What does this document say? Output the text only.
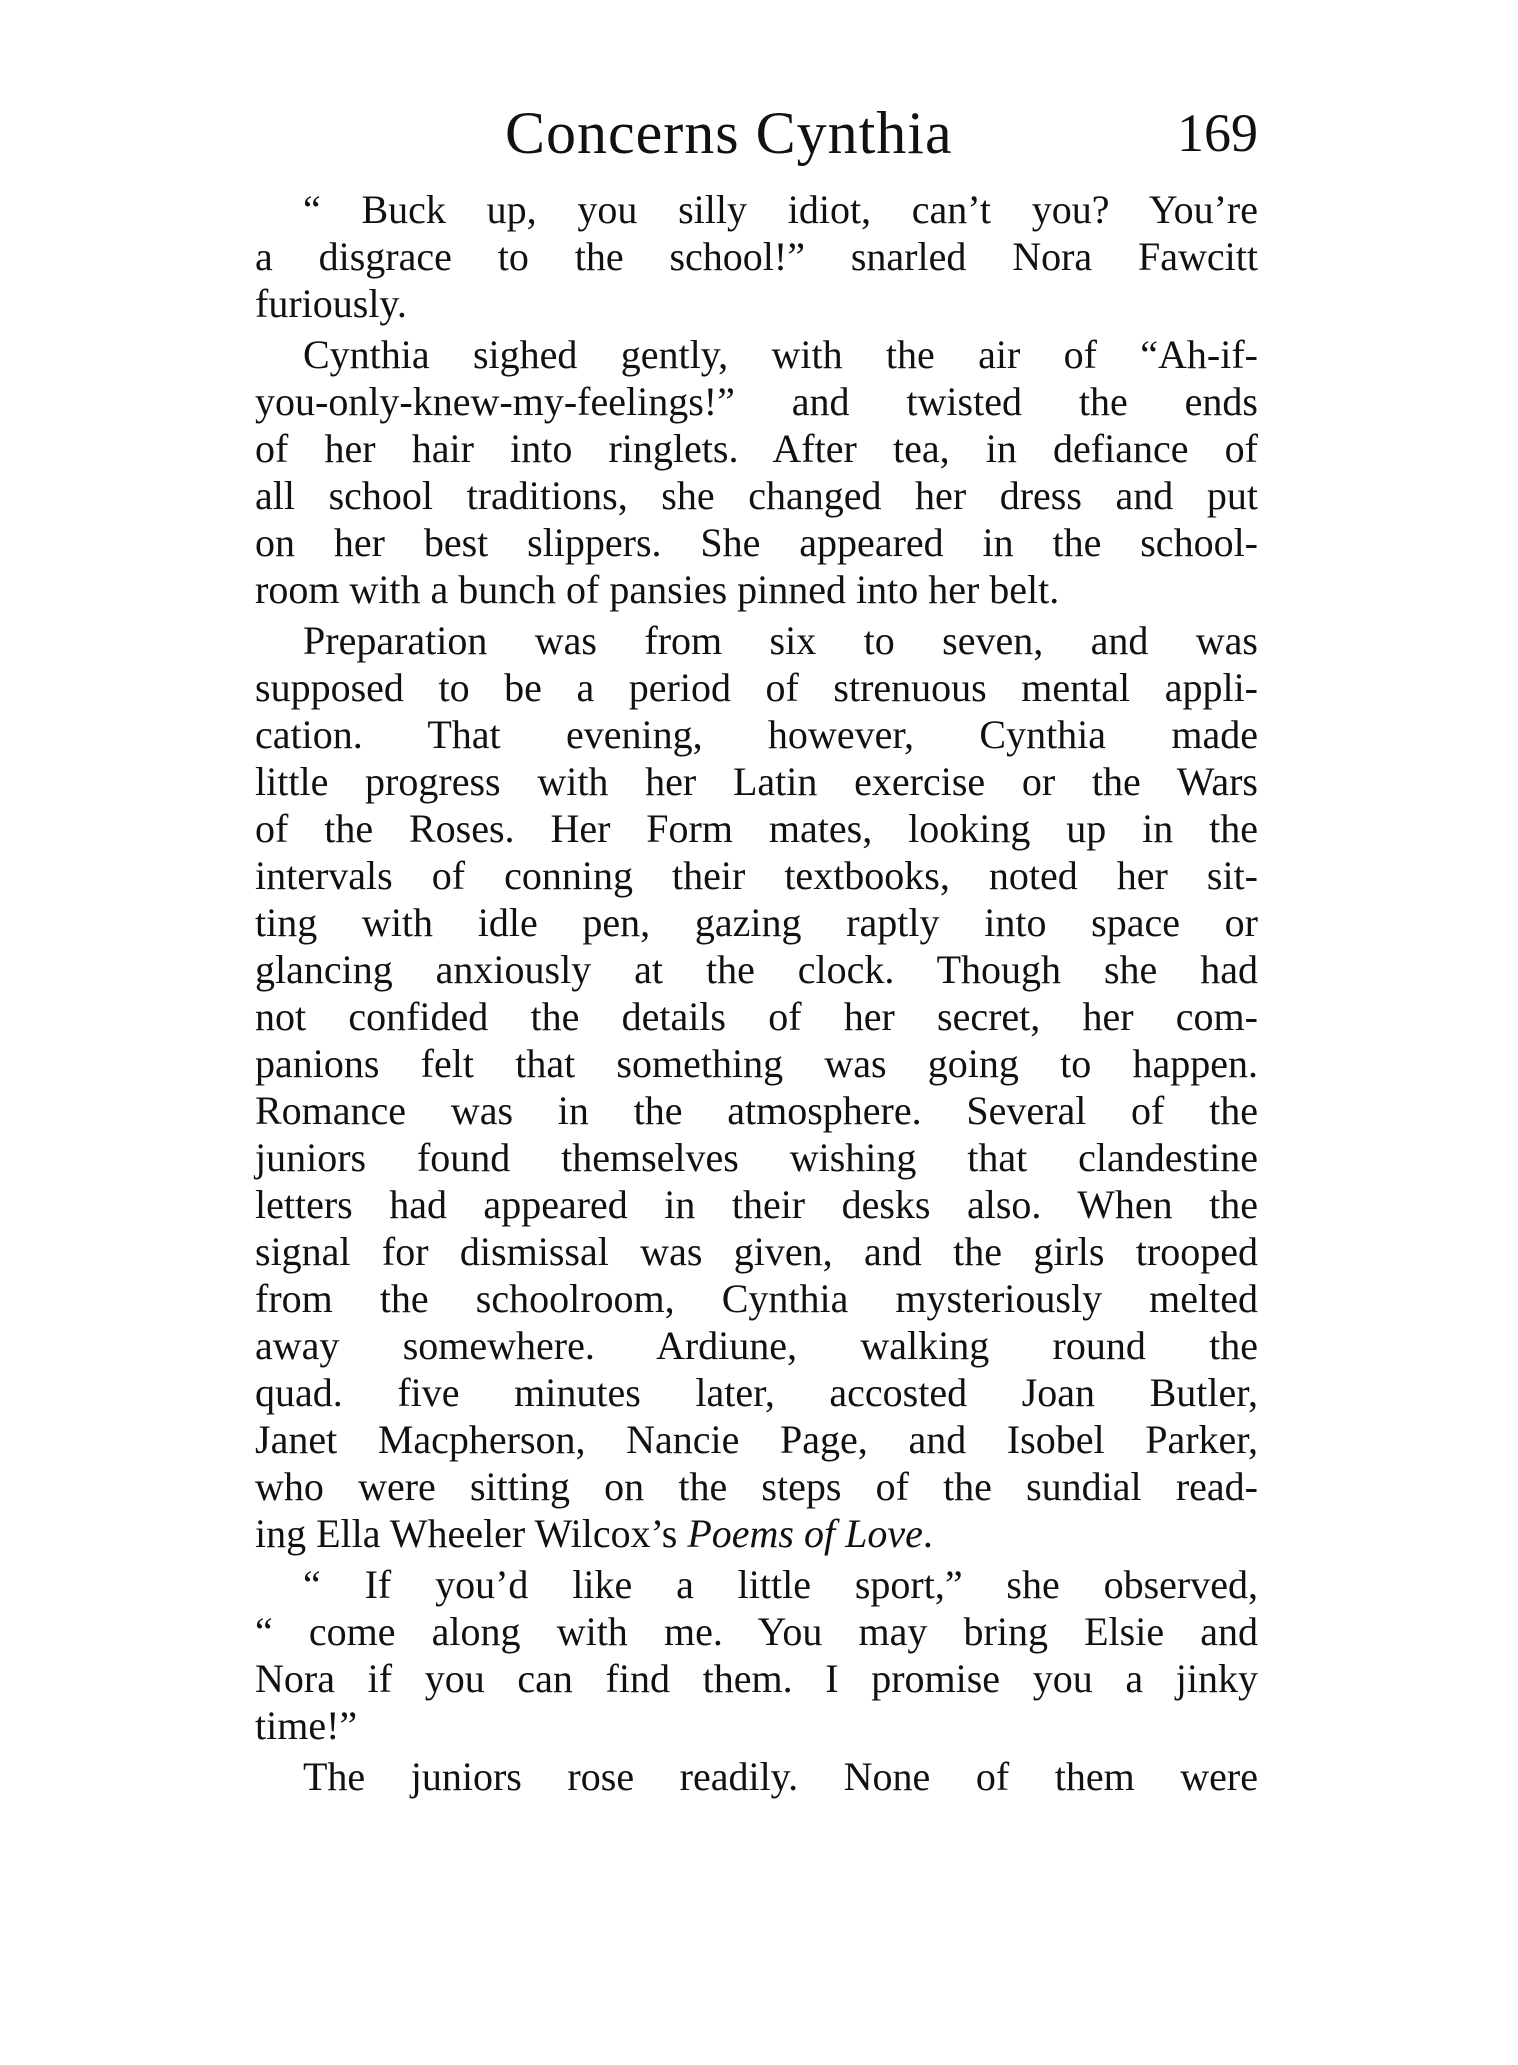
Concerns Cynthia	169
“ Buck up, you silly idiot, can’t you? You’re
a disgrace to the school!” snarled Nora Fawcitt
furiously.
Cynthia sighed gently, with the air of “Ah-if-
you-only-knew-my-feelings!” and twisted the ends
of her hair into ringlets. After tea, in defiance of
all school traditions, she changed her dress and put
on her best slippers. She appeared in the school-
room with a bunch of pansies pinned into her belt.
Preparation was from six to seven, and was
supposed to be a period of strenuous mental appli-
cation. That evening, however, Cynthia made
little progress with her Latin exercise or the Wars
of the Roses. Her Form mates, looking up in the
intervals of conning their textbooks, noted her sit-
ting with idle pen, gazing raptly into space or
glancing anxiously at the clock. Though she had
not confided the details of her secret, her com-
panions felt that something was going to happen.
Romance was in the atmosphere. Several of the
juniors found themselves wishing that clandestine
letters had appeared in their desks also. When the
signal for dismissal was given, and the girls trooped
from the schoolroom, Cynthia mysteriously melted
away somewhere. Ardiune, walking round the
quad. five minutes later, accosted Joan Butler,
Janet Macpherson, Nancie Page, and Isobel Parker,
who were sitting on the steps of the sundial read-
ing Ella Wheeler Wilcox’s Poems of Love.
“ If you’d like a little sport,” she observed,
“ come along with me. You may bring Elsie and
Nora if you can find them. I promise you a jinky
time!”
The juniors rose readily. None of them were
